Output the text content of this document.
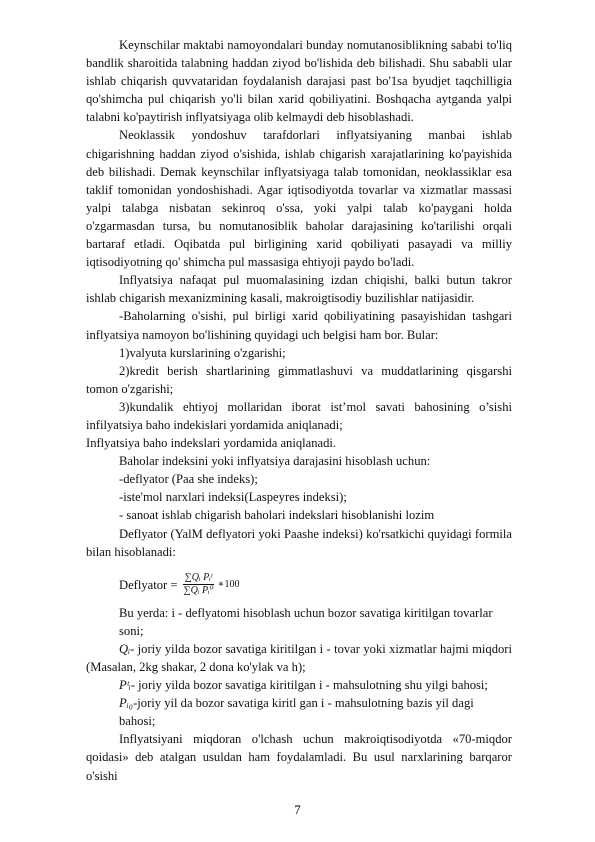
Keynschilar maktabi namoyondalari bunday nomutanosiblikning sababi to'liq bandlik sharoitida talabning haddan ziyod bo'lishida deb bilishadi. Shu sababli ular ishlab chiqarish quvvataridan foydalanish darajasi past bo'1sa byudjet taqchilligia qo'shimcha pul chiqarish yo'li bilan xarid qobiliyatini. Boshqacha aytganda yalpi talabni ko'paytirish inflyatsiyaga olib kelmaydi deb hisoblashadi.

Neoklassik yondoshuv tarafdorlari inflyatsiyaning manbai ishlab chigarishning haddan ziyod o'sishida, ishlab chigarish xarajatlarining ko'payishida deb bilishadi. Demak keynschilar inflyatsiyaga talab tomonidan, neoklassiklar esa taklif tomonidan yondoshishadi. Agar iqtisodiyotda tovarlar va xizmatlar massasi yalpi talabga nisbatan sekinroq o'ssa, yoki yalpi talab ko'paygani holda o'zgarmasdan tursa, bu nomutanosiblik baholar darajasining ko'tarilishi orqali bartaraf etladi. Oqibatda pul birligining xarid qobiliyati pasayadi va milliy iqtisodiyotning qo' shimcha pul massasiga ehtiyoji paydo bo'ladi.

Inflyatsiya nafaqat pul muomalasining izdan chiqishi, balki butun takror ishlab chigarish mexanizmining kasali, makroigtisodiy buzilishlar natijasidir.

-Baholarning o'sishi, pul birligi xarid qobiliyatining pasayishidan tashgari inflyatsiya namoyon bo'lishining quyidagi uch belgisi ham bor. Bular:

1)valyuta kurslarining o'zgarishi;

2)kredit berish shartlarining gimmatlashuvi va muddatlarining qisgarshi tomon o'zgarishi;

3)kundalik ehtiyoj mollaridan iborat ist’mol savati bahosining o’sishi infilyatsiya baho indekislari yordamida aniqlanadi;

Inflyatsiya baho indekslari yordamida aniqlanadi.

Baholar indeksini yoki inflyatsiya darajasini hisoblash uchun:

-deflyator (Paa she indeks);

-iste'mol narxlari indeksi(Laspeyres indeksi);

- sanoat ishlab chigarish baholari indekslari hisoblanishi lozim

Deflyator (YalM deflyatori yoki Paashe indeksi) ko'rsatkichi quyidagi formila bilan hisoblanadi:

Deflyator = $\frac{\text{∑Qᵢ Pᵢᵗ}}{\text{∑Qᵢ Pᵢ⁰}}$ ∗100

Bu yerda: i - deflyatomi hisoblash uchun bozor savatiga kiritilgan tovarlar soni;

Qᵢ- joriy yilda bozor savatiga kiritilgan i - tovar yoki xizmatlar hajmi miqdori (Masalan, 2kg shakar, 2 dona ko'ylak va h);

Pᵗᵢ- joriy yilda bozor savatiga kiritilgan i - mahsulotning shu yilgi bahosi;

Pᵢ₀-joriy yil da bozor savatiga kiritl gan i - mahsulotning bazis yil dagi bahosi;

Inflyatsiyani miqdoran o'lchash uchun makroiqtisodiyotda «70-miqdor qoidasi» deb atalgan usuldan ham foydalamladi. Bu usul narxlarining barqaror o'sishi

7
